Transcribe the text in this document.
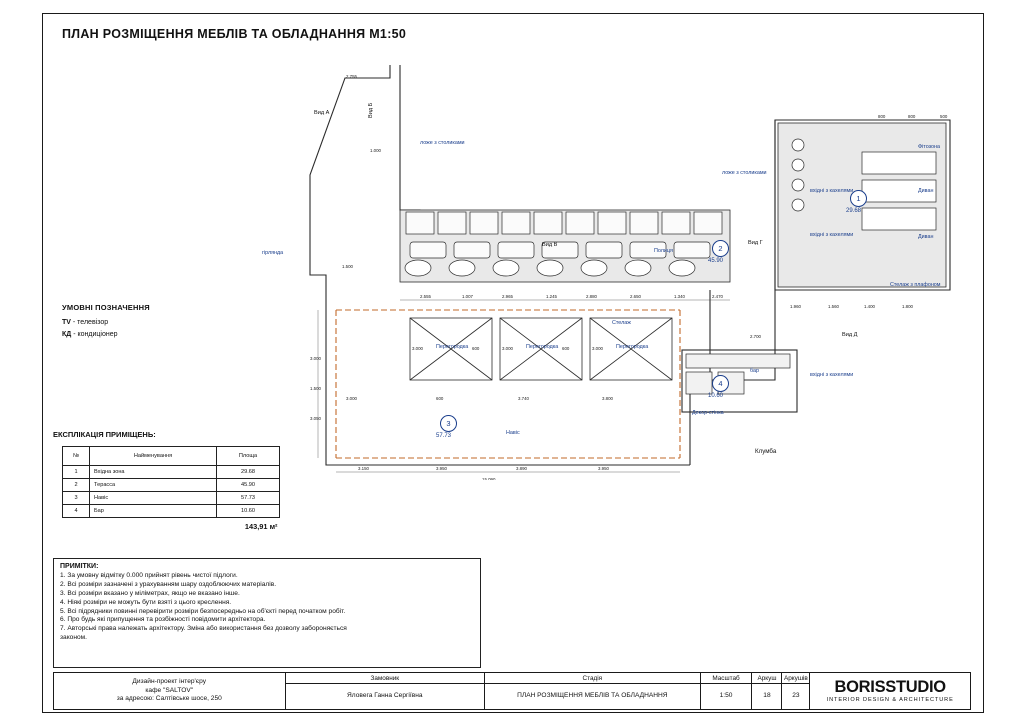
ПЛАН РОЗМІЩЕННЯ МЕБЛІВ ТА ОБЛАДНАННЯ М1:50
УМОВНІ ПОЗНАЧЕННЯ
TV - телевізор
КД - кондиціонер
ЕКСПЛІКАЦІЯ ПРИМІЩЕНЬ:
№	Найменування	Площа
1	Вхідна зона	29.68
2	Терасса	45.90
3	Навіс	57.73
4	Бар	10.60
143,91 м²		
ПРИМІТКИ:

1. За умовну відмітку 0.000 прийнят рівень чистої підлоги.

2. Всі розміри зазначені з урахуванням шару оздоблюючих матеріалів.

3. Всі розміри вказано у міліметрах, якщо не вказано інше.

4. Ніякі розміри не можуть бути взяті з цього креслення.

5. Всі підрядники повинні перевірити розміри безпосередньо на об'єкті перед початком робіт.

6. Про будь які припущення та розбіжності повідомити архітектора.

7. Авторські права належать архітектору. Зміна або використання без дозволу забороняється

законом.

Дизайн-проект інтер'єру
кафе "SALTOV"
за адресою: Салтівське шосе, 250
Замовник
Яловега Ганна Сергіївна
Стадія
ПЛАН РОЗМІЩЕННЯ МЕБЛІВ ТА ОБЛАДНАННЯ
Масштаб
1:50
Аркуш
18
Аркушів
23	BORISSTUDIO
INTERIOR DESIGN & ARCHITECTURE
3.150	3.950	3.890	3.950
15.090
2.555	1.007	2.965	1.245	2.880	2.650	1.340	2.470
3.000	600	3.000	600	3.000
3.000	600	3.740	3.800
3.000
1.500
3.050
800	800	500
1.960	1.560	1.400	1.800
2.755
1.000
1.500
2.700
1
29.68
2
45.90
3
57.73
4
10.60
Вид А	Вид Б
Вид В	Вид Г
Вид Д
Клумба
ложе з столиками
ложе з столиками
гірлянда	Полиця
Стелаж
Стелаж з плафоном
Декор-стінка
бар
Навіс
Перегородка	Перегородка	Перегородка
Фітозона
Диван
Диван
вхідні з кахелями
вхідні з кахелями
вхідні з кахелями
